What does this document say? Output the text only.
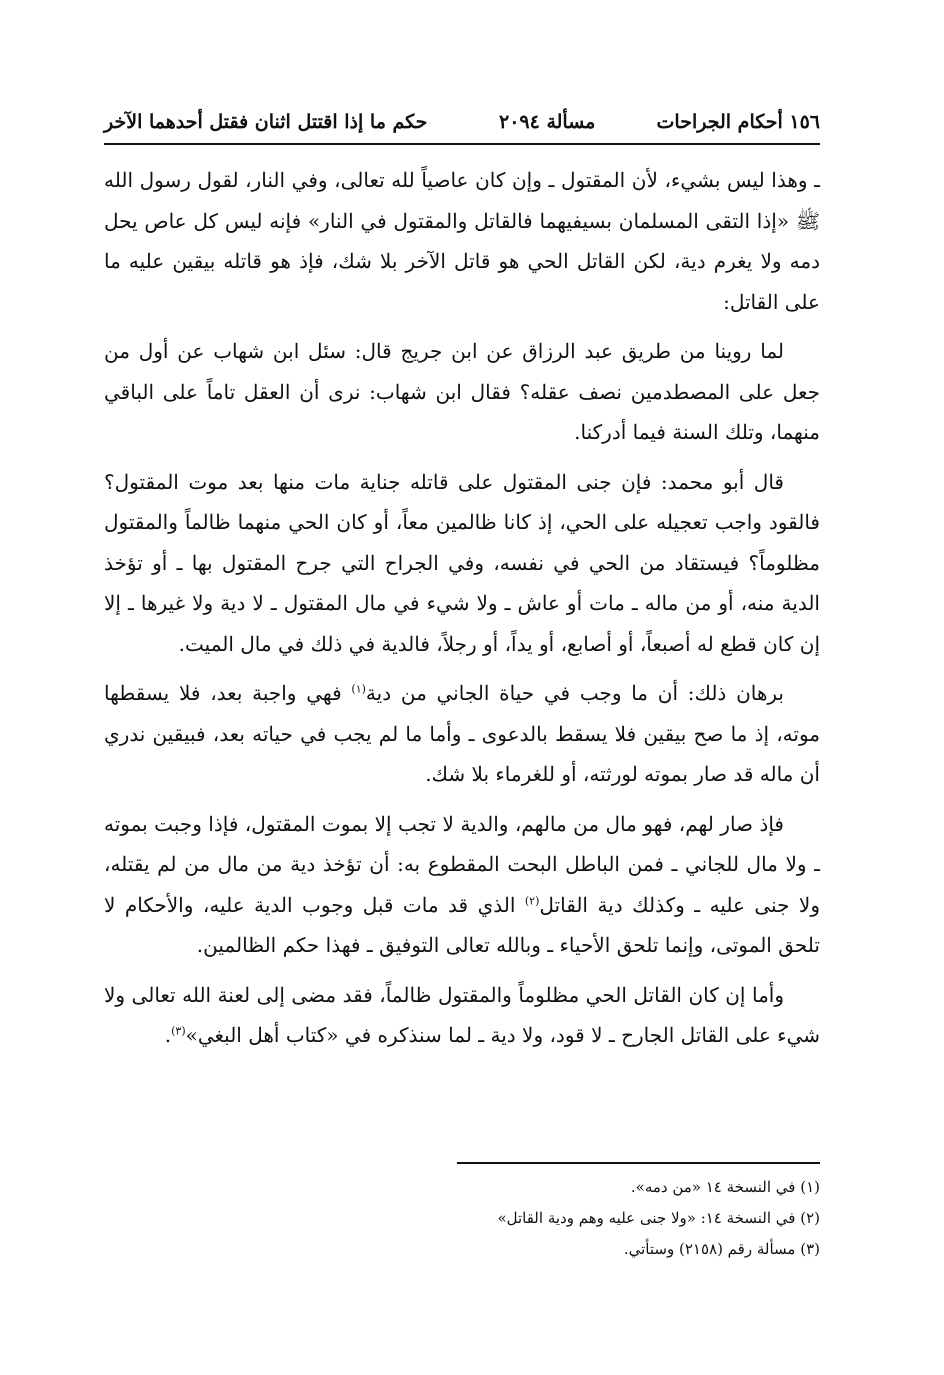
١٥٦ أحكام الجراحات
مسألة ٢٠٩٤
حكم ما إذا اقتتل اثنان فقتل أحدهما الآخر

ـ وهذا ليس بشيء، لأن المقتول ـ وإن كان عاصياً لله تعالى، وفي النار، لقول رسول الله ﷺ «إذا التقى المسلمان بسيفيهما فالقاتل والمقتول في النار» فإنه ليس كل عاص يحل دمه ولا يغرم دية، لكن القاتل الحي هو قاتل الآخر بلا شك، فإذ هو قاتله بيقين عليه ما على القاتل:

لما روينا من طريق عبد الرزاق عن ابن جريج قال: سئل ابن شهاب عن أول من جعل على المصطدمين نصف عقله؟ فقال ابن شهاب: نرى أن العقل تاماً على الباقي منهما، وتلك السنة فيما أدركنا.

قال أبو محمد: فإن جنى المقتول على قاتله جناية مات منها بعد موت المقتول؟ فالقود واجب تعجيله على الحي، إذ كانا ظالمين معاً، أو كان الحي منهما ظالماً والمقتول مظلوماً؟ فيستقاد من الحي في نفسه، وفي الجراح التي جرح المقتول بها ـ أو تؤخذ الدية منه، أو من ماله ـ مات أو عاش ـ ولا شيء في مال المقتول ـ لا دية ولا غيرها ـ إلا إن كان قطع له أصبعاً، أو أصابع، أو يداً، أو رجلاً، فالدية في ذلك في مال الميت.

برهان ذلك: أن ما وجب في حياة الجاني من دية$^{(١)}$ فهي واجبة بعد، فلا يسقطها موته، إذ ما صح بيقين فلا يسقط بالدعوى ـ وأما ما لم يجب في حياته بعد، فبيقين ندري أن ماله قد صار بموته لورثته، أو للغرماء بلا شك.

فإذ صار لهم، فهو مال من مالهم، والدية لا تجب إلا بموت المقتول، فإذا وجبت بموته ـ ولا مال للجاني ـ فمن الباطل البحت المقطوع به: أن تؤخذ دية من مال من لم يقتله، ولا جنى عليه ـ وكذلك دية القاتل$^{(٢)}$ الذي قد مات قبل وجوب الدية عليه، والأحكام لا تلحق الموتى، وإنما تلحق الأحياء ـ وبالله تعالى التوفيق ـ فهذا حكم الظالمين.

وأما إن كان القاتل الحي مظلوماً والمقتول ظالماً، فقد مضى إلى لعنة الله تعالى ولا شيء على القاتل الجارح ـ لا قود، ولا دية ـ لما سنذكره في «كتاب أهل البغي»$^{(٣)}$.

(١) في النسخة ١٤ «من دمه».
(٢) في النسخة ١٤: «ولا جنى عليه وهم ودية القاتل»
(٣) مسألة رقم (٢١٥٨) وستأتي.
